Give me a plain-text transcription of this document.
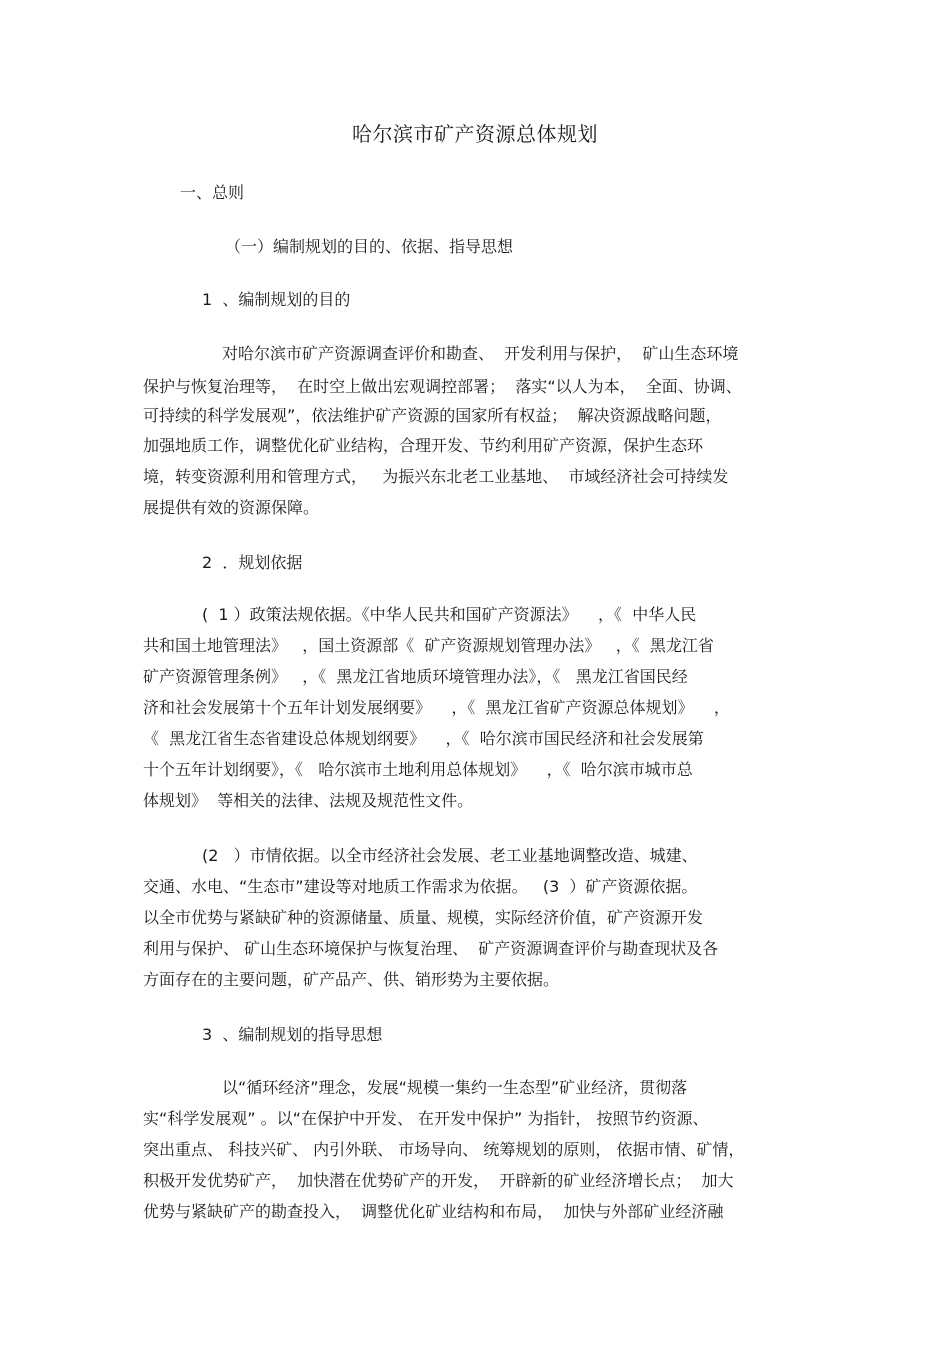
哈尔滨市矿产资源总体规划
一、总则
（一）编制规划的目的、依据、指导思想
1  、编制规划的目的
对哈尔滨市矿产资源调查评价和勘查、  开发利用与保护，  矿山生态环境
保护与恢复治理等，  在时空上做出宏观调控部署；  落实“以人为本，  全面、协调、
可持续的科学发展观”，依法维护矿产资源的国家所有权益；  解决资源战略问题，
加强地质工作，调整优化矿业结构，合理开发、节约利用矿产资源，保护生态环
境，转变资源利用和管理方式，   为振兴东北老工业基地、  市域经济社会可持续发
展提供有效的资源保障。
2  ．规划依据
(  1 ）政策法规依据。《中华人民共和国矿产资源法》    ，《  中华人民
共和国土地管理法》   ，国土资源部《  矿产资源规划管理办法》   ，《  黑龙江省
矿产资源管理条例》   ，《  黑龙江省地质环境管理办法》，《   黑龙江省国民经
济和社会发展第十个五年计划发展纲要》    ，《  黑龙江省矿产资源总体规划》    ，
《  黑龙江省生态省建设总体规划纲要》    ，《  哈尔滨市国民经济和社会发展第
十个五年计划纲要》，《   哈尔滨市土地利用总体规划》    ，《  哈尔滨市城市总
体规划》  等相关的法律、法规及规范性文件。
(2   ）市情依据。以全市经济社会发展、老工业基地调整改造、城建、
交通、水电、“生态市”建设等对地质工作需求为依据。   (3  ）矿产资源依据。
以全市优势与紧缺矿种的资源储量、质量、规模，实际经济价值，矿产资源开发
利用与保护、 矿山生态环境保护与恢复治理、  矿产资源调查评价与勘查现状及各
方面存在的主要问题，矿产品产、供、销形势为主要依据。
3  、编制规划的指导思想
以“循环经济”理念，发展“规模一集约一生态型”矿业经济，贯彻落
实“科学发展观” 。以“在保护中开发、 在开发中保护” 为指针， 按照节约资源、
突出重点、 科技兴矿、 内引外联、 市场导向、 统筹规划的原则， 依据市情、矿情，
积极开发优势矿产，  加快潜在优势矿产的开发，  开辟新的矿业经济增长点；  加大
优势与紧缺矿产的勘查投入，  调整优化矿业结构和布局，  加快与外部矿业经济融
